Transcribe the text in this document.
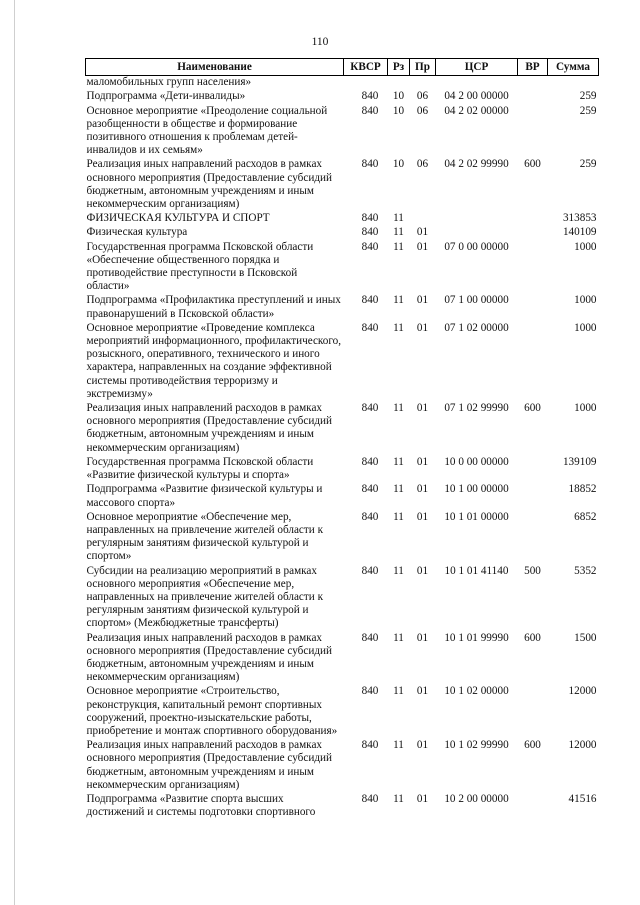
110
Наименование	КВСР	Рз	Пр	ЦСР	ВР	Сумма
маломобильных групп населения»						
Подпрограмма «Дети-инвалиды»	840	10	06	04 2 00 00000		259
Основное мероприятие «Преодоление социальной разобщенности в обществе и формирование позитивного отношения к проблемам детей-инвалидов и их семьям»	840	10	06	04 2 02 00000		259
Реализация иных направлений расходов в рамках основного мероприятия (Предоставление субсидий бюджетным, автономным учреждениям и иным некоммерческим организациям)	840	10	06	04 2 02 99990	600	259
ФИЗИЧЕСКАЯ КУЛЬТУРА И СПОРТ	840	11				313853
Физическая культура	840	11	01			140109
Государственная программа Псковской области «Обеспечение общественного порядка и противодействие преступности в Псковской области»	840	11	01	07 0 00 00000		1000
Подпрограмма «Профилактика преступлений и иных правонарушений в Псковской области»	840	11	01	07 1 00 00000		1000
Основное мероприятие «Проведение комплекса мероприятий информационного, профилактического, розыскного, оперативного, технического и иного характера, направленных на создание эффективной системы противодействия терроризму и экстремизму»	840	11	01	07 1 02 00000		1000
Реализация иных направлений расходов в рамках основного мероприятия (Предоставление субсидий бюджетным, автономным учреждениям и иным некоммерческим организациям)	840	11	01	07 1 02 99990	600	1000
Государственная программа Псковской области «Развитие физической культуры и спорта»	840	11	01	10 0 00 00000		139109
Подпрограмма «Развитие физической культуры и массового спорта»	840	11	01	10 1 00 00000		18852
Основное мероприятие «Обеспечение мер, направленных на привлечение жителей области к регулярным занятиям физической культурой и спортом»	840	11	01	10 1 01 00000		6852
Субсидии на реализацию мероприятий в рамках основного мероприятия «Обеспечение мер, направленных на привлечение жителей области к регулярным занятиям физической культурой и спортом» (Межбюджетные трансферты)	840	11	01	10 1 01 41140	500	5352
Реализация иных направлений расходов в рамках основного мероприятия (Предоставление субсидий бюджетным, автономным учреждениям и иным некоммерческим организациям)	840	11	01	10 1 01 99990	600	1500
Основное мероприятие «Строительство, реконструкция, капитальный ремонт спортивных сооружений, проектно-изыскательские работы, приобретение и монтаж спортивного оборудования»	840	11	01	10 1 02 00000		12000
Реализация иных направлений расходов в рамках основного мероприятия (Предоставление субсидий бюджетным, автономным учреждениям и иным некоммерческим организациям)	840	11	01	10 1 02 99990	600	12000
Подпрограмма «Развитие спорта высших достижений и системы подготовки спортивного	840	11	01	10 2 00 00000		41516
